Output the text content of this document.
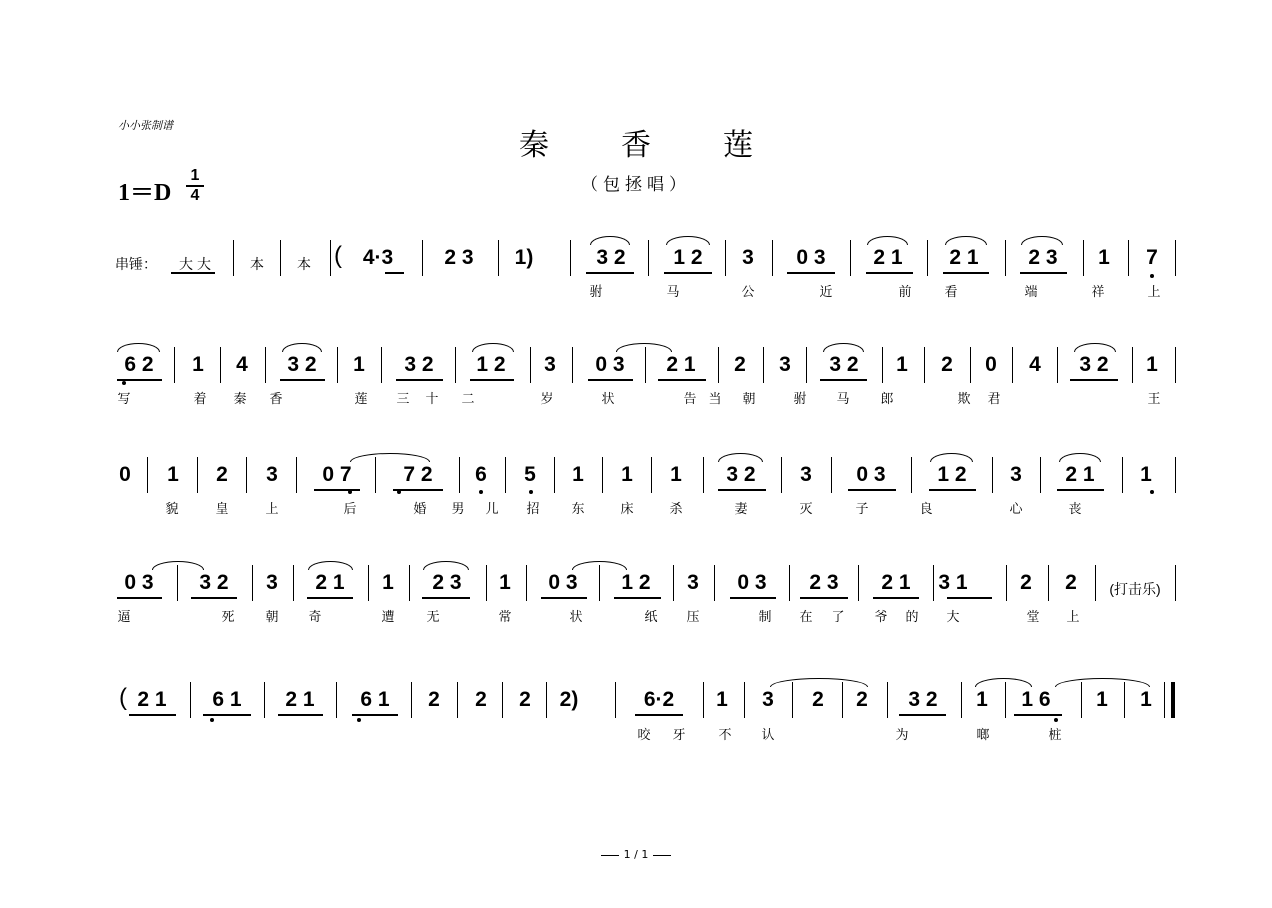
小小张制谱
秦香莲
（包拯唱）
1＝D
1
4
串锤： 大 大	本 本 ( 4·3 2 3 1)	3 2 1 2 3 0 3 2 1 2 1 2 3 1 7
驸	马	公	近	前	看	端	祥	上
6 2 1 4 3 2 1 3 2 1 2 3 0 3 2 1 2 3 3 2 1 2 0 4 3 2 1
写	着 秦 香	莲 三 十 二	岁	状	告 当 朝	驸 马 郎	欺 君	王
0 1 2 3 0 7 7 2 6 5 1 1 1 3 2 3 0 3 1 2 3 2 1 1
貌	皇	上	后	婚 男 儿 招 东	床	杀	妻	灭	子	良	心	丧
0 3 3 2 3 2 1 1 2 3 1 0 3 1 2 3 0 3 2 3 2 1 3 1	2 2 (打击乐)
逼	死 朝 奇	遭 无	常	状	纸 压	制 在 了 爷 的 大	堂 上
( 2 1 6 1 2 1 6 1 2 2 2 2)	6·2 1 3 2 2 3 2 1 1 6 1 1
咬 牙	不 认	为	啷	桩
1 / 1
